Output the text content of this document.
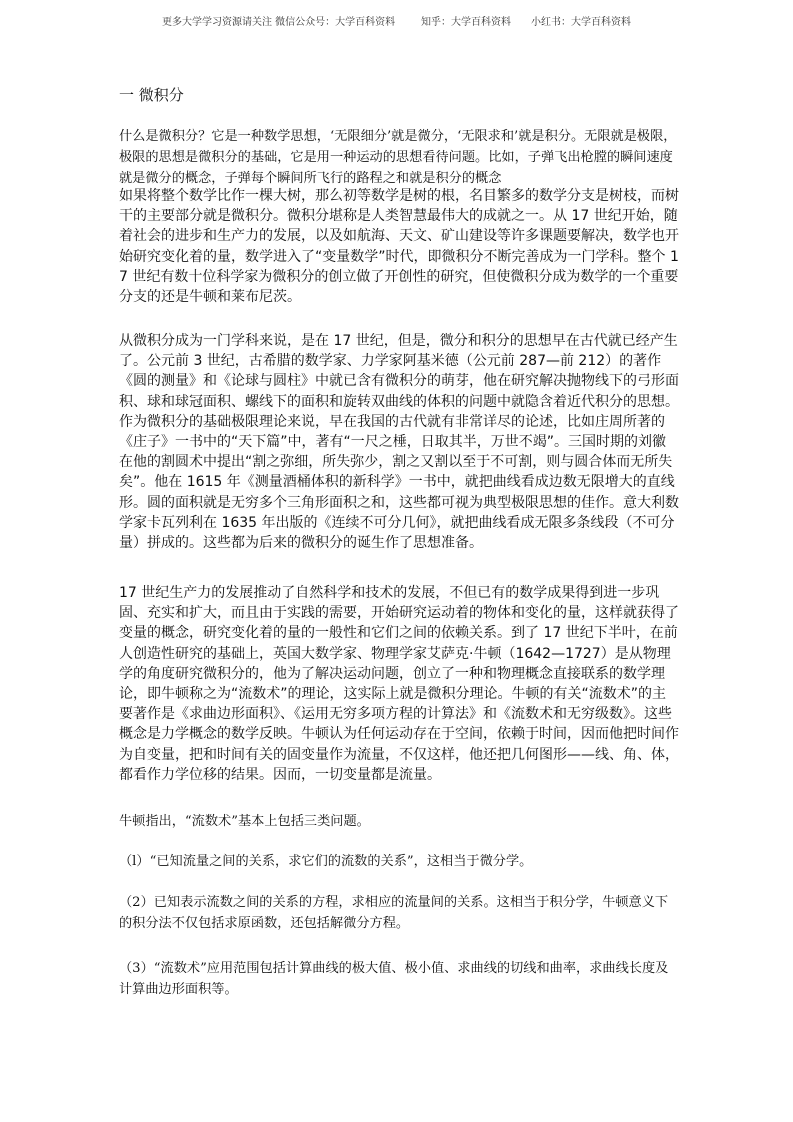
更多大学学习资源请关注 微信公众号：大学百科资料	知乎：大学百科资料 小红书：大学百科资料
一 微积分

什么是微积分？它是一种数学思想，‘无限细分’就是微分，‘无限求和’就是积分。无限就是极限，极限的思想是微积分的基础，它是用一种运动的思想看待问题。比如，子弹飞出枪膛的瞬间速度就是微分的概念，子弹每个瞬间所飞行的路程之和就是积分的概念

如果将整个数学比作一棵大树，那么初等数学是树的根，名目繁多的数学分支是树枝，而树干的主要部分就是微积分。微积分堪称是人类智慧最伟大的成就之一。从 17 世纪开始，随着社会的进步和生产力的发展，以及如航海、天文、矿山建设等许多课题要解决，数学也开始研究变化着的量，数学进入了“变量数学”时代，即微积分不断完善成为一门学科。整个 17 世纪有数十位科学家为微积分的创立做了开创性的研究，但使微积分成为数学的一个重要分支的还是牛顿和莱布尼茨。

从微积分成为一门学科来说，是在 17 世纪，但是，微分和积分的思想早在古代就已经产生了。公元前 3 世纪，古希腊的数学家、力学家阿基米德（公元前 287—前 212）的著作《圆的测量》和《论球与圆柱》中就已含有微积分的萌芽，他在研究解决抛物线下的弓形面积、球和球冠面积、螺线下的面积和旋转双曲线的体积的问题中就隐含着近代积分的思想。作为微积分的基础极限理论来说，早在我国的古代就有非常详尽的论述，比如庄周所著的《庄子》一书中的“天下篇”中，著有“一尺之棰，日取其半，万世不竭”。三国时期的刘徽在他的割圆术中提出“割之弥细，所失弥少，割之又割以至于不可割，则与圆合体而无所失矣”。他在 1615 年《测量酒桶体积的新科学》一书中，就把曲线看成边数无限增大的直线形。圆的面积就是无穷多个三角形面积之和，这些都可视为典型极限思想的佳作。意大利数学家卡瓦列利在 1635 年出版的《连续不可分几何》，就把曲线看成无限多条线段（不可分量）拼成的。这些都为后来的微积分的诞生作了思想准备。

17 世纪生产力的发展推动了自然科学和技术的发展，不但已有的数学成果得到进一步巩固、充实和扩大，而且由于实践的需要，开始研究运动着的物体和变化的量，这样就获得了变量的概念，研究变化着的量的一般性和它们之间的依赖关系。到了 17 世纪下半叶，在前人创造性研究的基础上，英国大数学家、物理学家艾萨克·牛顿（1642—1727）是从物理学的角度研究微积分的，他为了解决运动问题，创立了一种和物理概念直接联系的数学理论，即牛顿称之为“流数术”的理论，这实际上就是微积分理论。牛顿的有关“流数术”的主要著作是《求曲边形面积》、《运用无穷多项方程的计算法》和《流数术和无穷级数》。这些概念是力学概念的数学反映。牛顿认为任何运动存在于空间，依赖于时间，因而他把时间作为自变量，把和时间有关的固变量作为流量，不仅这样，他还把几何图形——线、角、体，都看作力学位移的结果。因而，一切变量都是流量。

牛顿指出，“流数术”基本上包括三类问题。

（l）“已知流量之间的关系，求它们的流数的关系”，这相当于微分学。

（2）已知表示流数之间的关系的方程，求相应的流量间的关系。这相当于积分学，牛顿意义下的积分法不仅包括求原函数，还包括解微分方程。

（3）“流数术”应用范围包括计算曲线的极大值、极小值、求曲线的切线和曲率，求曲线长度及计算曲边形面积等。
